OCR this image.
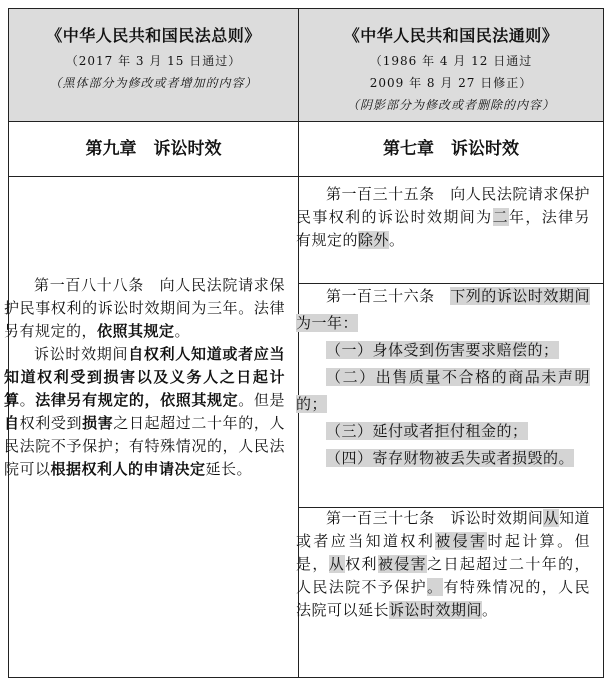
《中华人民共和国民法总则》
（2017 年 3 月 15 日通过）
（黑体部分为修改或者增加的内容）
《中华人民共和国民法通则》
（1986 年 4 月 12 日通过
2009 年 8 月 27 日修正）
（阴影部分为修改或者删除的内容）
第九章　诉讼时效	第七章　诉讼时效

第一百八十八条　向人民法院请求保护民事权利的诉讼时效期间为三年。法律另有规定的，依照其规定。

诉讼时效期间自权利人知道或者应当知道权利受到损害以及义务人之日起计算。法律另有规定的，依照其规定。但是自权利受到损害之日起超过二十年的，人民法院不予保护；有特殊情况的，人民法院可以根据权利人的申请决定延长。

第一百三十五条　向人民法院请求保护民事权利的诉讼时效期间为二年，法律另有规定的除外。

第一百三十六条　 下列的诉讼时效期间为一年：

（一）身体受到伤害要求赔偿的；

（二）出售质量不合格的商品未声明的；

（三）延付或者拒付租金的；

（四）寄存财物被丢失或者损毁的。

第一百三十七条　诉讼时效期间从知道或者应当知道权利被侵害时起计算。但是，从权利被侵害之日起超过二十年的，人民法院不予保护。有特殊情况的，人民法院可以延长诉讼时效期间。
